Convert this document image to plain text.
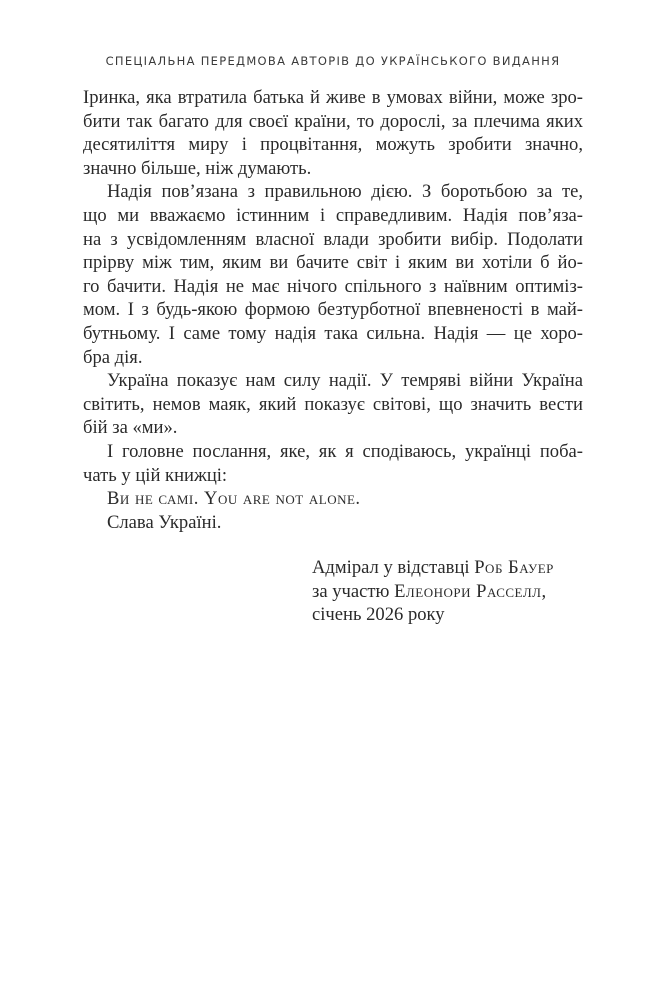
СПЕЦІАЛЬНА ПЕРЕДМОВА АВТОРІВ ДО УКРАЇНСЬКОГО ВИДАННЯ
Іринка, яка втратила батька й живе в умовах війни, може зро-
бити так багато для своєї країни, то дорослі, за плечима яких
десятиліття миру і процвітання, можуть зробити значно,
значно більше, ніж думають.
Надія пов’язана з правильною дією. З боротьбою за те,
що ми вважаємо істинним і справедливим. Надія пов’яза-
на з усвідомленням власної влади зробити вибір. Подолати
прірву між тим, яким ви бачите світ і яким ви хотіли б йо-
го бачити. Надія не має нічого спільного з наївним оптиміз-
мом. І з будь-якою формою безтурботної впевненості в май-
бутньому. І саме тому надія така сильна. Надія — це хоро-
бра дія.
Україна показує нам силу надії. У темряві війни Україна
світить, немов маяк, який показує світові, що значить вести
бій за «ми».
І головне послання, яке, як я сподіваюсь, українці поба-
чать у цій книжці:
Ви не самі. You are not alone.
Слава Україні.
Адмірал у відставці Роб Бауер
за участю Елеонори Расселл,
січень 2026 року
